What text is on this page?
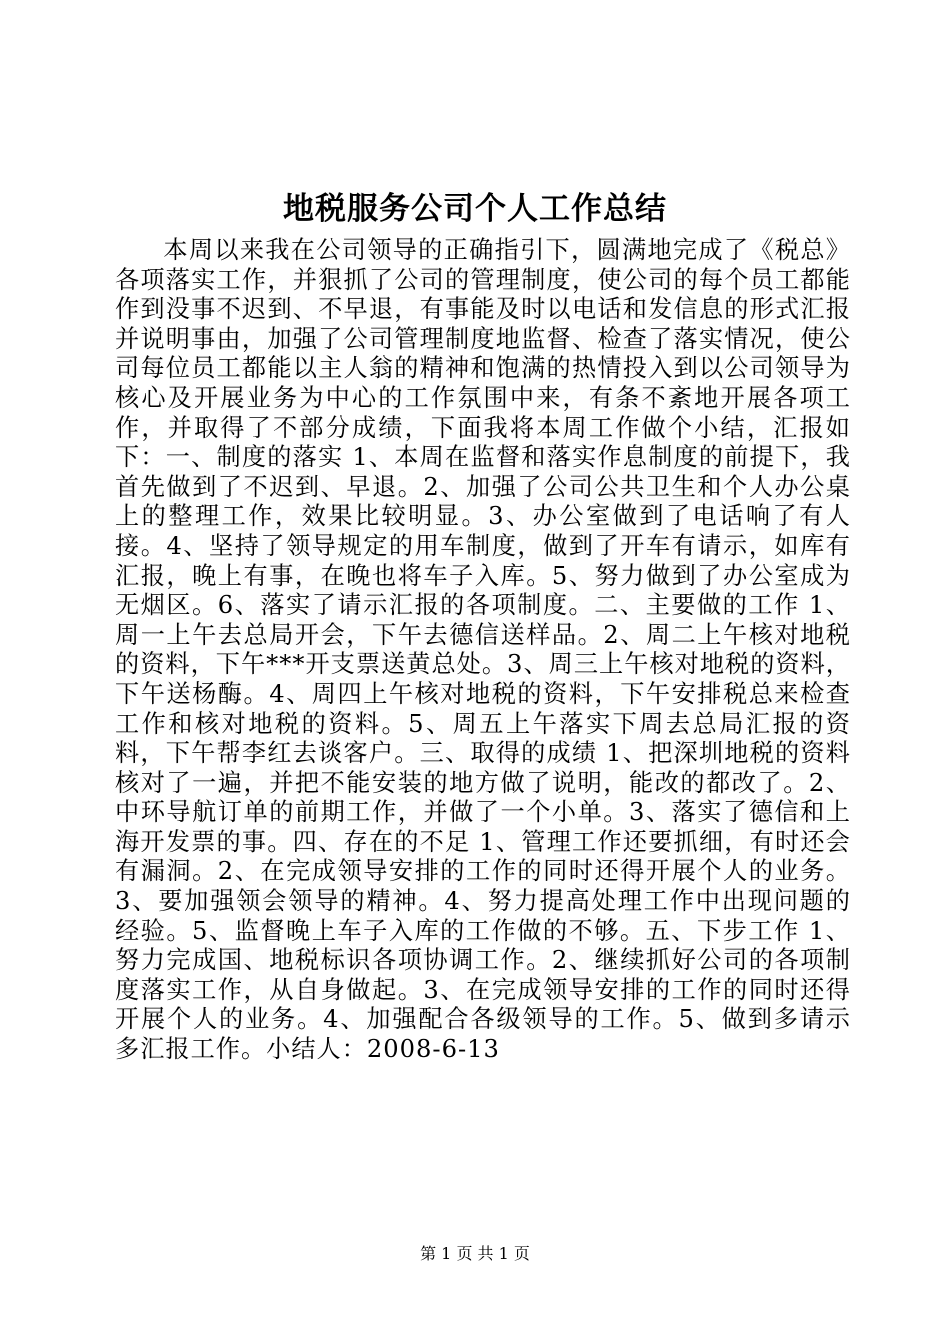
地税服务公司个人工作总结

本周以来我在公司领导的正确指引下，圆满地完成了《税总》各项落实工作，并狠抓了公司的管理制度，使公司的每个员工都能作到没事不迟到、不早退，有事能及时以电话和发信息的形式汇报并说明事由，加强了公司管理制度地监督、检查了落实情况，使公司每位员工都能以主人翁的精神和饱满的热情投入到以公司领导为核心及开展业务为中心的工作氛围中来，有条不紊地开展各项工作，并取得了不部分成绩，下面我将本周工作做个小结，汇报如下：一、制度的落实 1、本周在监督和落实作息制度的前提下，我首先做到了不迟到、早退。2、加强了公司公共卫生和个人办公桌上的整理工作，效果比较明显。3、办公室做到了电话响了有人接。4、坚持了领导规定的用车制度，做到了开车有请示，如库有汇报，晚上有事，在晚也将车子入库。5、努力做到了办公室成为无烟区。6、落实了请示汇报的各项制度。二、主要做的工作 1、周一上午去总局开会，下午去德信送样品。2、周二上午核对地税的资料，下午***开支票送黄总处。3、周三上午核对地税的资料，下午送杨酶。4、周四上午核对地税的资料，下午安排税总来检查工作和核对地税的资料。5、周五上午落实下周去总局汇报的资料，下午帮李红去谈客户。三、取得的成绩 1、把深圳地税的资料核对了一遍，并把不能安装的地方做了说明，能改的都改了。2、中环导航订单的前期工作，并做了一个小单。3、落实了德信和上海开发票的事。四、存在的不足 1、管理工作还要抓细，有时还会有漏洞。2、在完成领导安排的工作的同时还得开展个人的业务。3、要加强领会领导的精神。4、努力提高处理工作中出现问题的经验。5、监督晚上车子入库的工作做的不够。五、下步工作 1、努力完成国、地税标识各项协调工作。2、继续抓好公司的各项制度落实工作，从自身做起。3、在完成领导安排的工作的同时还得开展个人的业务。4、加强配合各级领导的工作。5、做到多请示多汇报工作。小结人：2008-6-13

第 1 页 共 1 页
